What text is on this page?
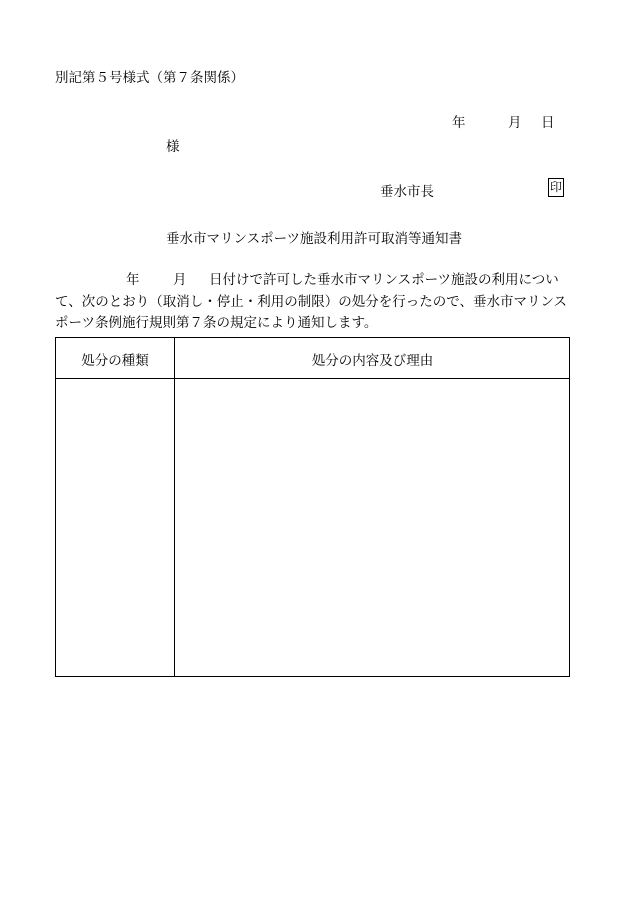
別記第５号様式（第７条関係）
年	月 日
様
垂水市長	印
垂水市マリンスポーツ施設利用許可取消等通知書
年 月 日付けで許可した垂水市マリンスポーツ施設の利用について、次のとおり（取消し・停止・利用の制限）の処分を行ったので、垂水市マリンスポーツ条例施行規則第７条の規定により通知します。
処分の種類	処分の内容及び理由
